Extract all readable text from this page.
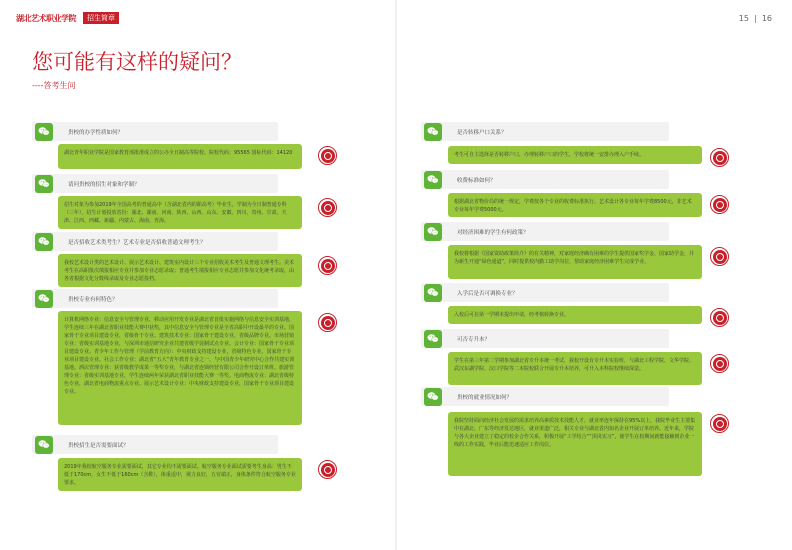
湖北艺术职业学院	招生简章	15 | 16
您可能有这样的疑问？
----答考生问
贵校的办学性质如何？
湖北青年职业学院是国家教育部批准成立的公办全日制高等院校。院校代码：95565 国标代码：14120
请问贵校的招生对象和学制？
招生对象为参加2019年全国高考的普通高中（含湖北省内的职高考）毕业生，学制为全日制普通专科（三年），招生计划投放省份：湖北、湖南、河南、陕西、山西、山东、安徽、四川、贵州、甘肃、天津、江西、西藏、新疆、内蒙古、海南、青海。
是否招收艺术类考生？艺术专业是否招收普通文理考生？
我校艺术设计类的艺术设计、展示艺术设计、建筑室内设计三个专业招收美术考生及普通文理考生。美术考生在高职批次填报相应专业并参加专业志愿录取；普通考生填报相应专业志愿并参加文化统考录取，由各省根据文化分数线录取及专业志愿投档。
贵校专业有何特色？
计算机网络专业：信息安全与管理专业、移动应用开发专业是湖北省首批实施网络与信息安全实训基地，学生连续三年在湖北省职业技能大赛中获奖，其中信息安全与管理专业是全省高职中开设最早的专业。国家骨干专业项目建设专业，省级骨干专业。建筑技术专业：国家骨干建设专业，省级品牌专业。市场营销专业：省级实训基地专业，与深圳市通信研究企业共建省级学徒制试点专业。会计专业：国家骨干专业项目建设专业。青少年工作与管理（学前教育方向）：中央财政支持建设专业，省级特色专业，国家骨干专业项目建设专业。社会工作专业：湖北省“五大”青年教育专业之一，与中国青少年研究中心合作共建实训基地。酒店管理专业：获省级教学成果一等奖专业，与湖北省连锁经营有限公司合作开设订单班。旅游管理专业：省级实训基地专业，学生连续两年荣获湖北省职业技能大赛一等奖。电商物流专业：湖北省级特色专业，湖北省电商物流重点专业。展示艺术设计专业：中央财政支持建设专业，国家骨干专业项目建设专业。
贵校招生是否需要面试？
2019年我校航空服务专业需要面试，其它专业均不需要面试。航空服务专业面试需要考生身高：男生不低于170cm，女生不低于160cm（含鞋），体重适中，视力良好，五官端正，身体条件符合航空服务专业要求。
是否转移户口关系？
考生可自主选择是否转移户口，办理转移户口的学生，学校将统一安排办理入户手续。
收费标准如何？
根据湖北省物价局的统一规定，学费按各个专业的收费标准执行。艺术设计各专业每年学费8500元，非艺术专业每年学费5000元。
对经济困难的学生有何政策？
我校将根据《国家资助政策简介》的有关精神，对家庭经济确有困难的学生提供国家奖学金、国家助学金，并为新生开通“绿色通道”，同时提供校内勤工助学岗位，帮助家庭经济困难学生完成学业。
入学后是否可调换专业？
入校后可在第一学期末提出申请，经考核转换专业。
可否专升本？
学生在第三年第二学期参加湖北省专升本统一考试，我校开设有专升本实验班，与湖北工程学院、文华学院、武汉东湖学院、汉口学院等二本院校联合开展专升本培养，可升入本科院校继续深造。
贵校的就业情况如何？
我院坚持面向经济社会发展的需求培养高素质技术技能人才，就业率连年保持在95%以上，我院毕业生主要集中在湖北、广东等经济发达地区，就业渠道广泛，相关专业与湖北省内知名企业开展订单培养。近年来，学院与各大企业建立了稳定的校企合作关系，积极开展“工学结合”“顶岗实习”，使学生在校期间就能接触到企业一线的工作实践，毕业后能迅速适应工作岗位。
